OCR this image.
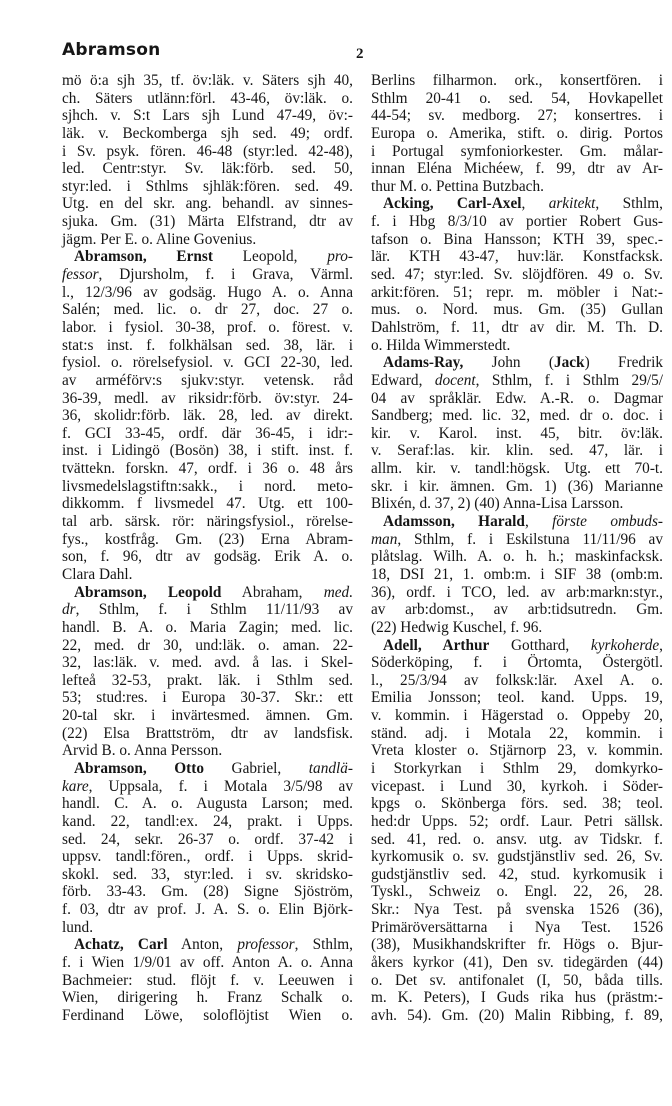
Abramson	2
mö ö:a sjh 35, tf. öv:läk. v. Säters sjh 40,
ch. Säters utlänn:förl. 43-46, öv:läk. o.
sjhch. v. S:t Lars sjh Lund 47-49, öv:-
läk. v. Beckomberga sjh sed. 49; ordf.
i Sv. psyk. fören. 46-48 (styr:led. 42-48),
led. Centr:styr. Sv. läk:förb. sed. 50,
styr:led. i Sthlms sjhläk:fören. sed. 49.
Utg. en del skr. ang. behandl. av sinnes-
sjuka. Gm. (31) Märta Elfstrand, dtr av
jägm. Per E. o. Aline Govenius.
Abramson, Ernst Leopold, pro-
fessor, Djursholm, f. i Grava, Värml.
l., 12/3/96 av godsäg. Hugo A. o. Anna
Salén; med. lic. o. dr 27, doc. 27 o.
labor. i fysiol. 30-38, prof. o. förest. v.
stat:s inst. f. folkhälsan sed. 38, lär. i
fysiol. o. rörelsefysiol. v. GCI 22-30, led.
av arméförv:s sjukv:styr. vetensk. råd
36-39, medl. av riksidr:förb. öv:styr. 24-
36, skolidr:förb. läk. 28, led. av direkt.
f. GCI 33-45, ordf. där 36-45, i idr:-
inst. i Lidingö (Bosön) 38, i stift. inst. f.
tvättekn. forskn. 47, ordf. i 36 o. 48 års
livsmedelslagstiftn:sakk., i nord. meto-
dikkomm. f livsmedel 47. Utg. ett 100-
tal arb. särsk. rör: näringsfysiol., rörelse-
fys., kostfråg. Gm. (23) Erna Abram-
son, f. 96, dtr av godsäg. Erik A. o.
Clara Dahl.
Abramson, Leopold Abraham, med.
dr, Sthlm, f. i Sthlm 11/11/93 av
handl. B. A. o. Maria Zagin; med. lic.
22, med. dr 30, und:läk. o. aman. 22-
32, las:läk. v. med. avd. å las. i Skel-
lefteå 32-53, prakt. läk. i Sthlm sed.
53; stud:res. i Europa 30-37. Skr.: ett
20-tal skr. i invärtesmed. ämnen. Gm.
(22) Elsa Brattström, dtr av landsfisk.
Arvid B. o. Anna Persson.
Abramson, Otto Gabriel, tandlä-
kare, Uppsala, f. i Motala 3/5/98 av
handl. C. A. o. Augusta Larson; med.
kand. 22, tandl:ex. 24, prakt. i Upps.
sed. 24, sekr. 26-37 o. ordf. 37-42 i
uppsv. tandl:fören., ordf. i Upps. skrid-
skokl. sed. 33, styr:led. i sv. skridsko-
förb. 33-43. Gm. (28) Signe Sjöström,
f. 03, dtr av prof. J. A. S. o. Elin Björk-
lund.
Achatz, Carl Anton, professor, Sthlm,
f. i Wien 1/9/01 av off. Anton A. o. Anna
Bachmeier: stud. flöjt f. v. Leeuwen i
Wien, dirigering h. Franz Schalk o.
Ferdinand Löwe, soloflöjtist Wien o.
Berlins filharmon. ork., konsertfören. i
Sthlm 20-41 o. sed. 54, Hovkapellet
44-54; sv. medborg. 27; konsertres. i
Europa o. Amerika, stift. o. dirig. Portos
i Portugal symfoniorkester. Gm. målar-
innan Eléna Michéew, f. 99, dtr av Ar-
thur M. o. Pettina Butzbach.
Acking, Carl-Axel, arkitekt, Sthlm,
f. i Hbg 8/3/10 av portier Robert Gus-
tafson o. Bina Hansson; KTH 39, spec.-
lär. KTH 43-47, huv:lär. Konstfacksk.
sed. 47; styr:led. Sv. slöjdfören. 49 o. Sv.
arkit:fören. 51; repr. m. möbler i Nat:-
mus. o. Nord. mus. Gm. (35) Gullan
Dahlström, f. 11, dtr av dir. M. Th. D.
o. Hilda Wimmerstedt.
Adams-Ray, John (Jack) Fredrik
Edward, docent, Sthlm, f. i Sthlm 29/5/
04 av språklär. Edw. A.-R. o. Dagmar
Sandberg; med. lic. 32, med. dr o. doc. i
kir. v. Karol. inst. 45, bitr. öv:läk.
v. Seraf:las. kir. klin. sed. 47, lär. i
allm. kir. v. tandl:högsk. Utg. ett 70-t.
skr. i kir. ämnen. Gm. 1) (36) Marianne
Blixén, d. 37, 2) (40) Anna-Lisa Larsson.
Adamsson, Harald, förste ombuds-
man, Sthlm, f. i Eskilstuna 11/11/96 av
plåtslag. Wilh. A. o. h. h.; maskinfacksk.
18, DSI 21, 1. omb:m. i SIF 38 (omb:m.
36), ordf. i TCO, led. av arb:markn:styr.,
av arb:domst., av arb:tidsutredn. Gm.
(22) Hedwig Kuschel, f. 96.
Adell, Arthur Gotthard, kyrkoherde,
Söderköping, f. i Örtomta, Östergötl.
l., 25/3/94 av folksk:lär. Axel A. o.
Emilia Jonsson; teol. kand. Upps. 19,
v. kommin. i Hägerstad o. Oppeby 20,
ständ. adj. i Motala 22, kommin. i
Vreta kloster o. Stjärnorp 23, v. kommin.
i Storkyrkan i Sthlm 29, domkyrko-
vicepast. i Lund 30, kyrkoh. i Söder-
kpgs o. Skönberga förs. sed. 38; teol.
hed:dr Upps. 52; ordf. Laur. Petri sällsk.
sed. 41, red. o. ansv. utg. av Tidskr. f.
kyrkomusik o. sv. gudstjänstliv sed. 26, Sv.
gudstjänstliv sed. 42, stud. kyrkomusik i
Tyskl., Schweiz o. Engl. 22, 26, 28.
Skr.: Nya Test. på svenska 1526 (36),
Primäröversättarna i Nya Test. 1526
(38), Musikhandskrifter fr. Högs o. Bjur-
åkers kyrkor (41), Den sv. tidegärden (44)
o. Det sv. antifonalet (I, 50, båda tills.
m. K. Peters), I Guds rika hus (prästm:-
avh. 54). Gm. (20) Malin Ribbing, f. 89,
